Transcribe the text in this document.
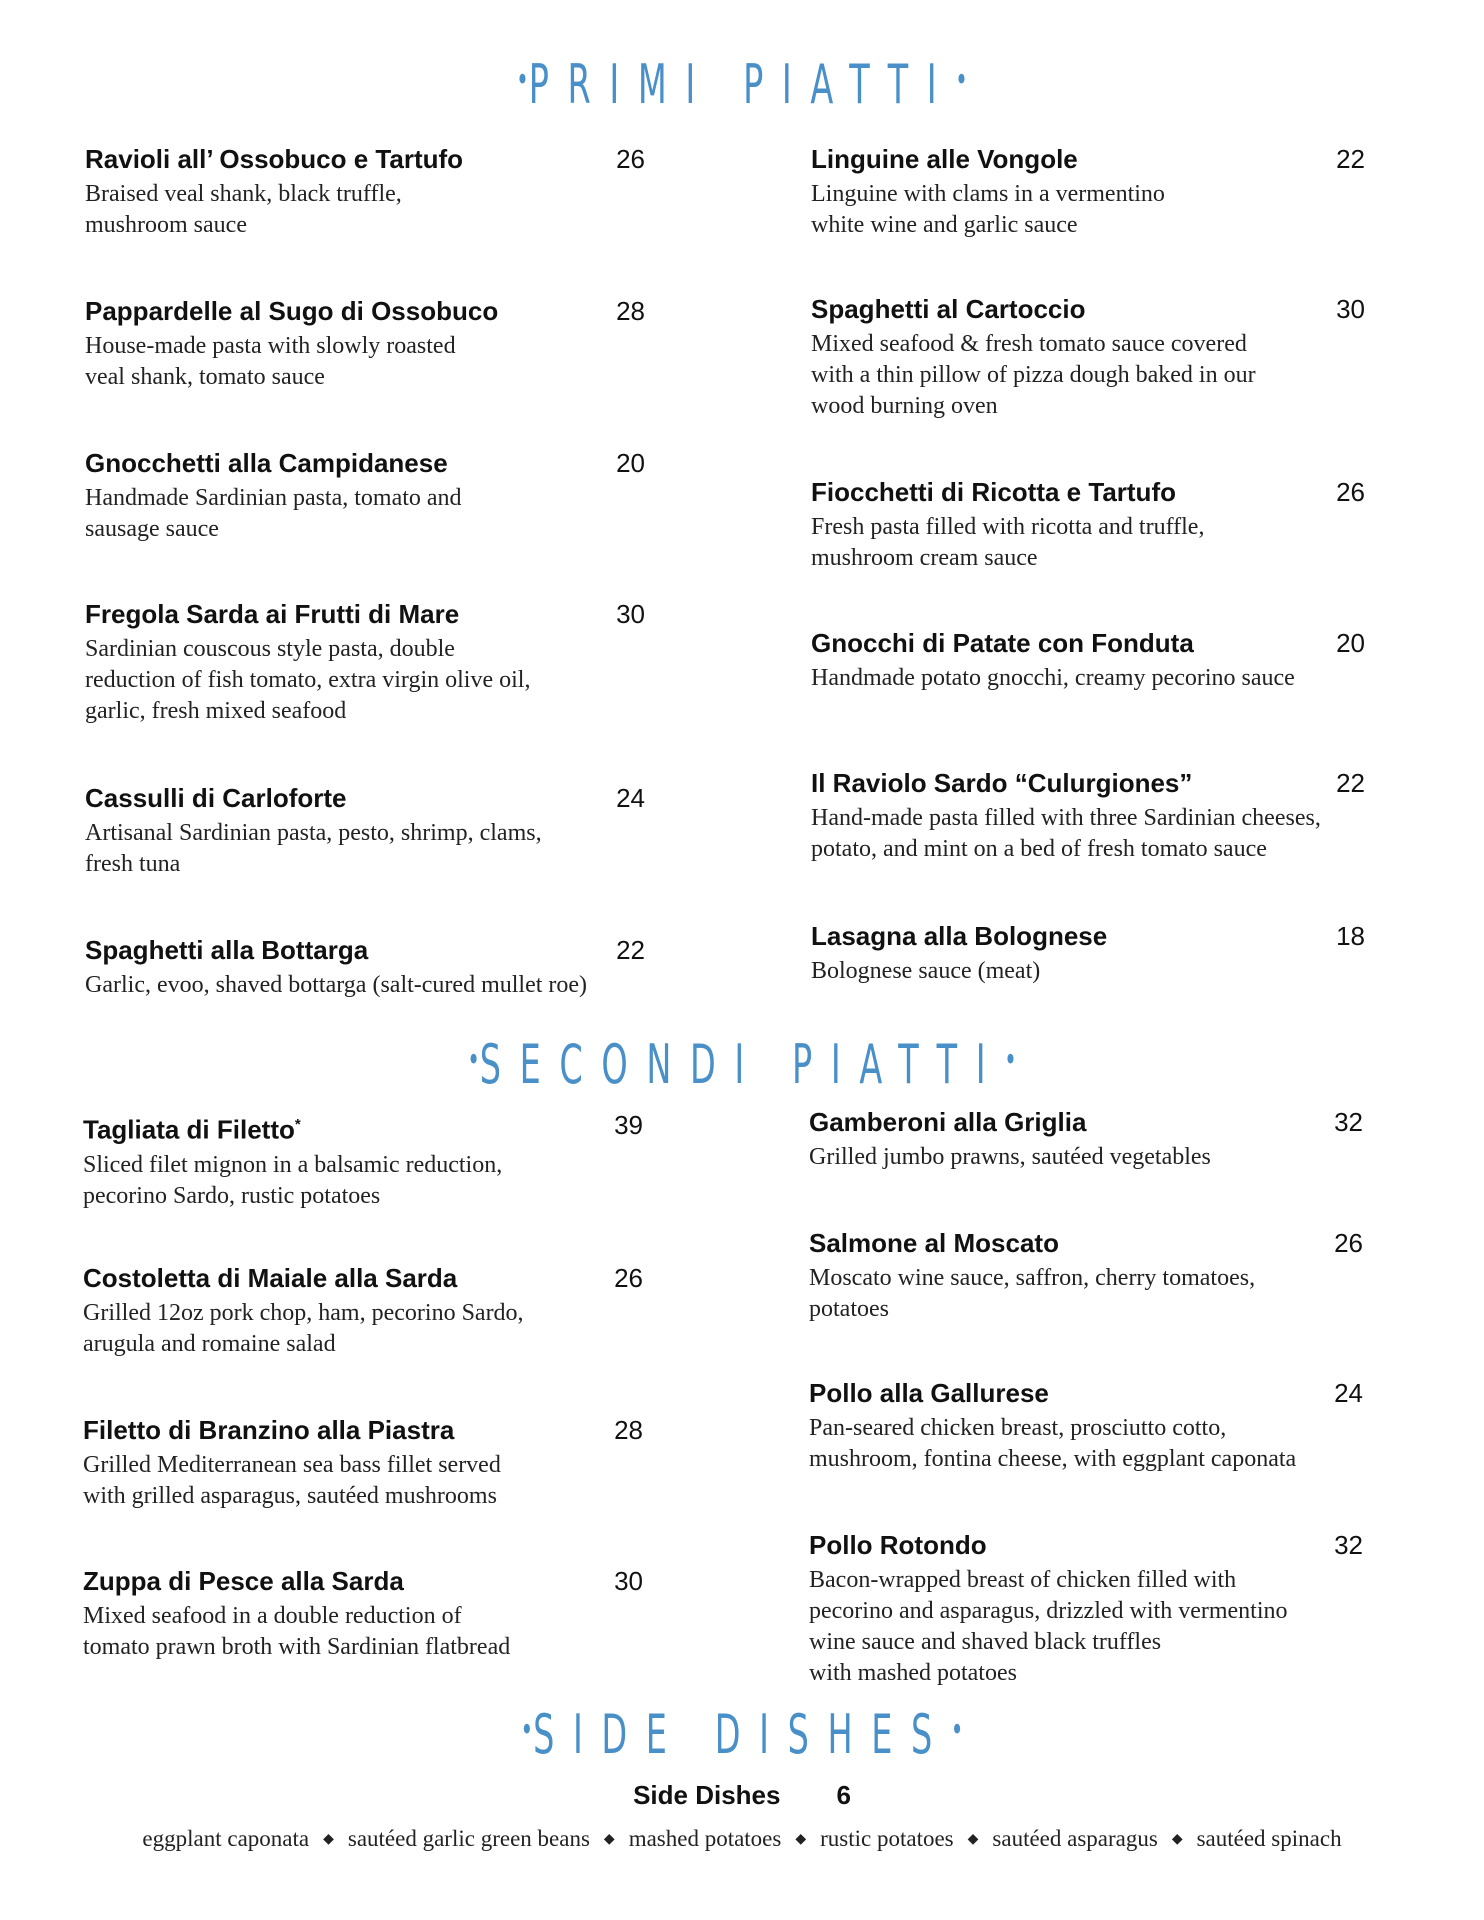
•PRIMI PIATTI•
•SECONDI PIATTI•
•SIDE DISHES•
Ravioli all’ Ossobuco e Tartufo	26
Braised veal shank, black truffle,
mushroom sauce
Pappardelle al Sugo di Ossobuco	28
House-made pasta with slowly roasted
veal shank, tomato sauce
Gnocchetti alla Campidanese	20
Handmade Sardinian pasta, tomato and
sausage sauce
Fregola Sarda ai Frutti di Mare	30
Sardinian couscous style pasta, double
reduction of fish tomato, extra virgin olive oil,
garlic, fresh mixed seafood
Cassulli di Carloforte	24
Artisanal Sardinian pasta, pesto, shrimp, clams,
fresh tuna
Spaghetti alla Bottarga	22
Garlic, evoo, shaved bottarga (salt-cured mullet roe)
Linguine alle Vongole	22
Linguine with clams in a vermentino
white wine and garlic sauce
Spaghetti al Cartoccio	30
Mixed seafood & fresh tomato sauce covered
with a thin pillow of pizza dough baked in our
wood burning oven
Fiocchetti di Ricotta e Tartufo	26
Fresh pasta filled with ricotta and truffle,
mushroom cream sauce
Gnocchi di Patate con Fonduta	20
Handmade potato gnocchi, creamy pecorino sauce
Il Raviolo Sardo “Culurgiones”	22
Hand-made pasta filled with three Sardinian cheeses,
potato, and mint on a bed of fresh tomato sauce
Lasagna alla Bolognese	18
Bolognese sauce (meat)
Tagliata di Filetto*	39
Sliced filet mignon in a balsamic reduction,
pecorino Sardo, rustic potatoes
Costoletta di Maiale alla Sarda	26
Grilled 12oz pork chop, ham, pecorino Sardo,
arugula and romaine salad
Filetto di Branzino alla Piastra	28
Grilled Mediterranean sea bass fillet served
with grilled asparagus, sautéed mushrooms
Zuppa di Pesce alla Sarda	30
Mixed seafood in a double reduction of
tomato prawn broth with Sardinian flatbread
Gamberoni alla Griglia	32
Grilled jumbo prawns, sautéed vegetables
Salmone al Moscato	26
Moscato wine sauce, saffron, cherry tomatoes,
potatoes
Pollo alla Gallurese	24
Pan-seared chicken breast, prosciutto cotto,
mushroom, fontina cheese, with eggplant caponata
Pollo Rotondo	32
Bacon-wrapped breast of chicken filled with
pecorino and asparagus, drizzled with vermentino
wine sauce and shaved black truffles
with mashed potatoes
Side Dishes 6
eggplant caponata ◆ sautéed garlic green beans ◆ mashed potatoes ◆ rustic potatoes ◆ sautéed asparagus ◆ sautéed spinach
